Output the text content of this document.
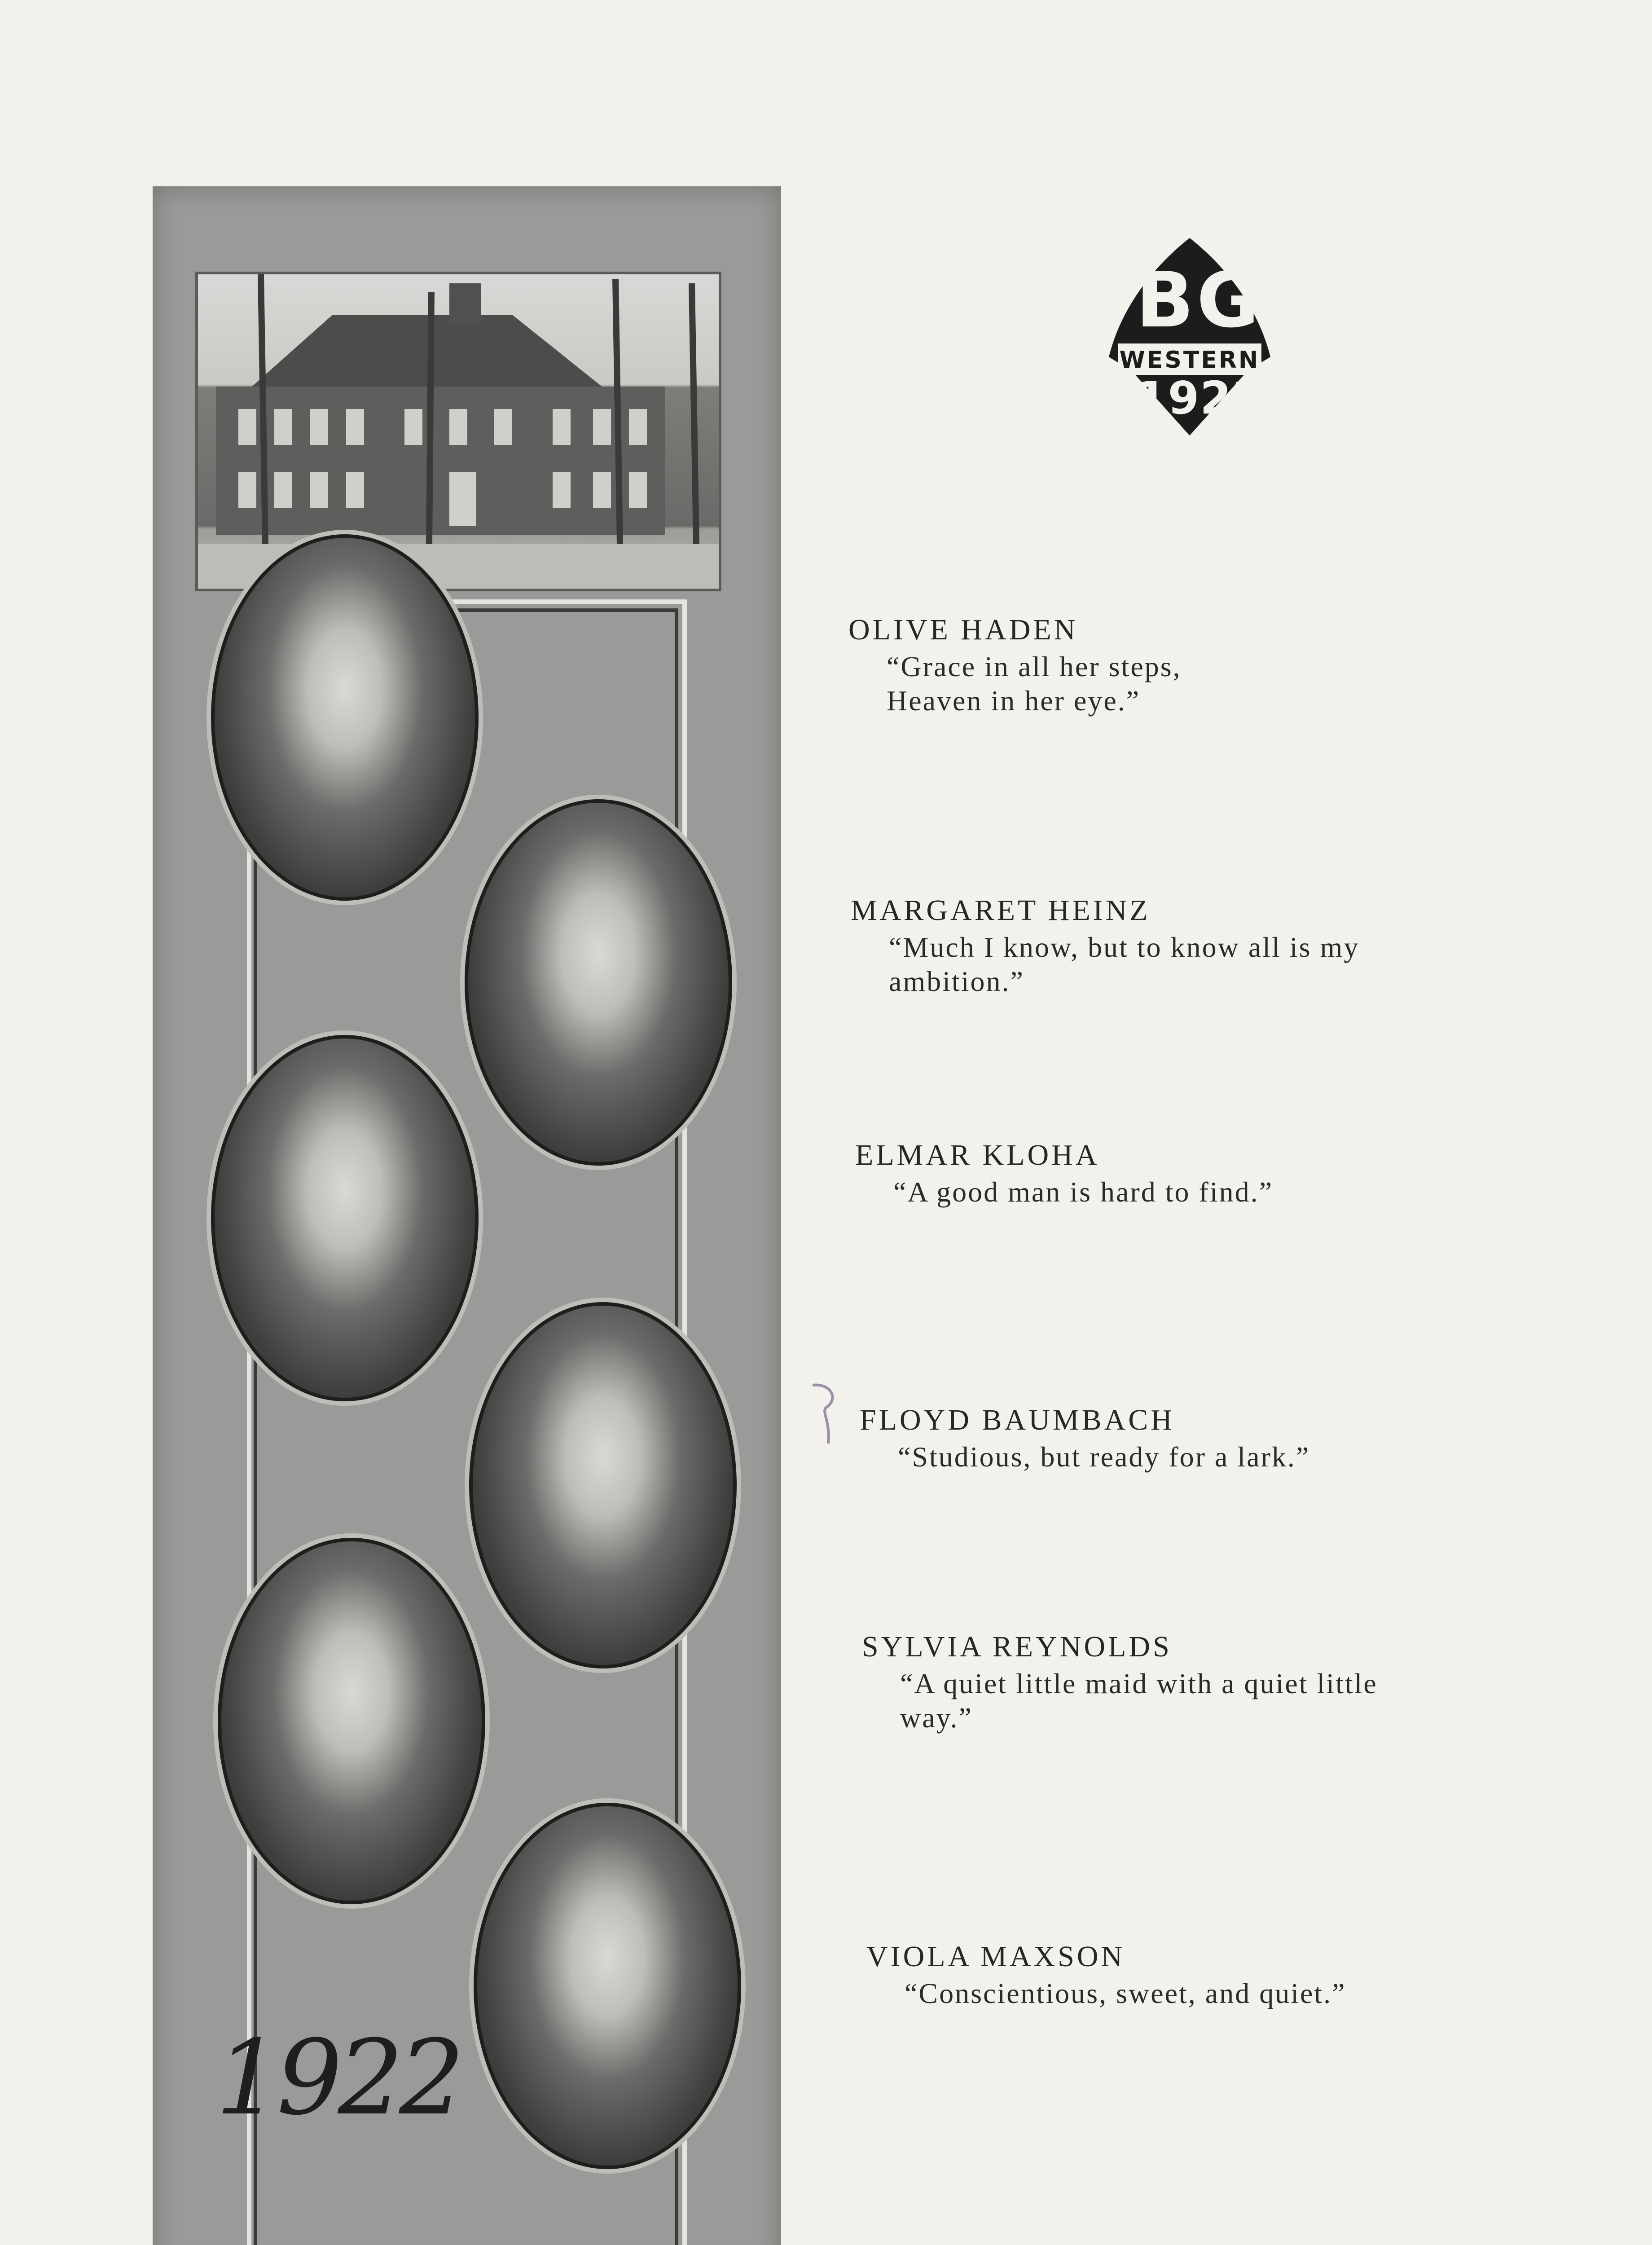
1922
BG
WESTERN
1922
OLIVE HADEN
“Grace in all her steps,
Heaven in her eye.”
MARGARET HEINZ
“Much I know, but to know all is my
ambition.”
ELMAR KLOHA
“A good man is hard to find.”
FLOYD BAUMBACH
“Studious, but ready for a lark.”
SYLVIA REYNOLDS
“A quiet little maid with a quiet little
way.”
VIOLA MAXSON
“Conscientious, sweet, and quiet.”
